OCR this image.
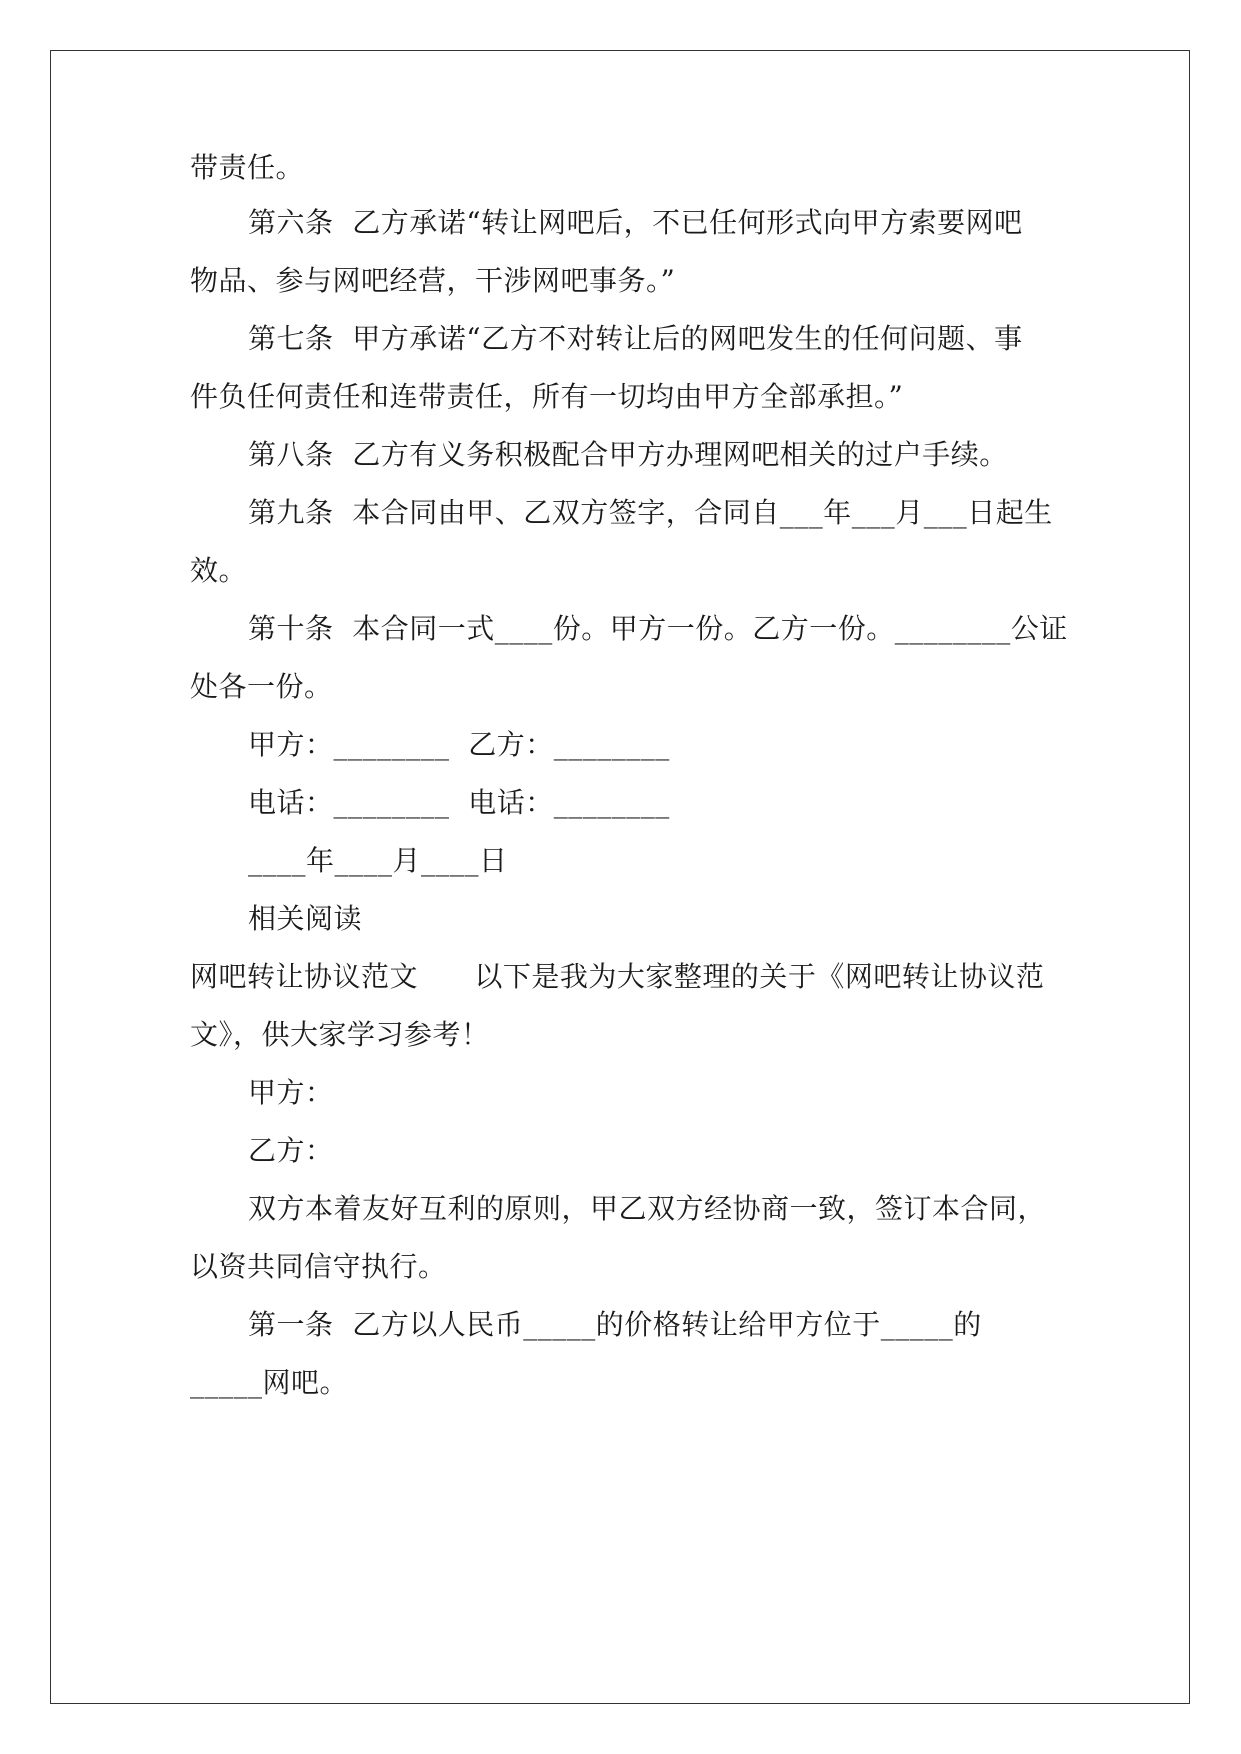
带责任。
第六条  乙方承诺“转让网吧后，不已任何形式向甲方索要网吧
物品、参与网吧经营，干涉网吧事务。”
第七条  甲方承诺“乙方不对转让后的网吧发生的任何问题、事
件负任何责任和连带责任，所有一切均由甲方全部承担。”
第八条  乙方有义务积极配合甲方办理网吧相关的过户手续。
第九条  本合同由甲、乙双方签字，合同自___年___月___日起生
效。
第十条  本合同一式____份。甲方一份。乙方一份。________公证
处各一份。
甲方：________  乙方：________
电话：________  电话：________
____年____月____日
相关阅读
网吧转让协议范文      以下是我为大家整理的关于《网吧转让协议范
文》，供大家学习参考！
甲方：
乙方：
双方本着友好互利的原则，甲乙双方经协商一致，签订本合同，
以资共同信守执行。
第一条  乙方以人民币_____的价格转让给甲方位于_____的
_____网吧。
